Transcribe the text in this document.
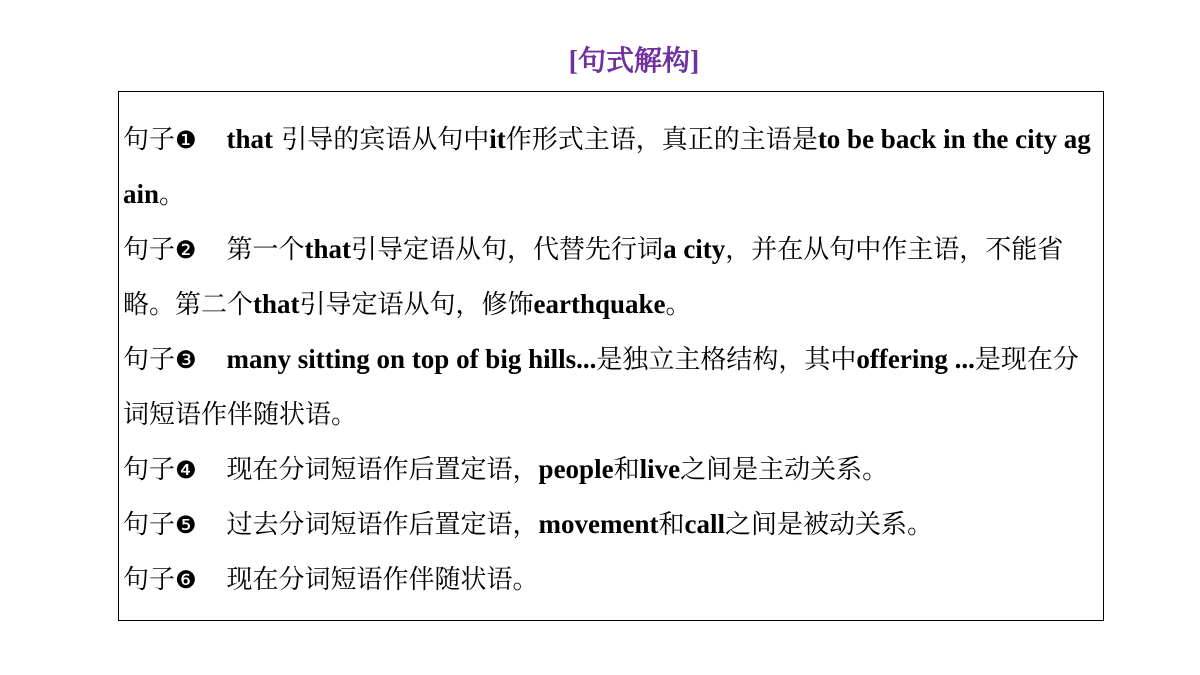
[句式解构]
句子❶ that 引导的宾语从句中it作形式主语，真正的主语是to be back in the city again。
句子❷ 第一个that引导定语从句，代替先行词a city，并在从句中作主语，不能省略。第二个that引导定语从句，修饰earthquake。
句子❸ many sitting on top of big hills...是独立主格结构，其中offering ...是现在分词短语作伴随状语。
句子❹ 现在分词短语作后置定语，people和live之间是主动关系。
句子❺ 过去分词短语作后置定语，movement和call之间是被动关系。
句子❻ 现在分词短语作伴随状语。
